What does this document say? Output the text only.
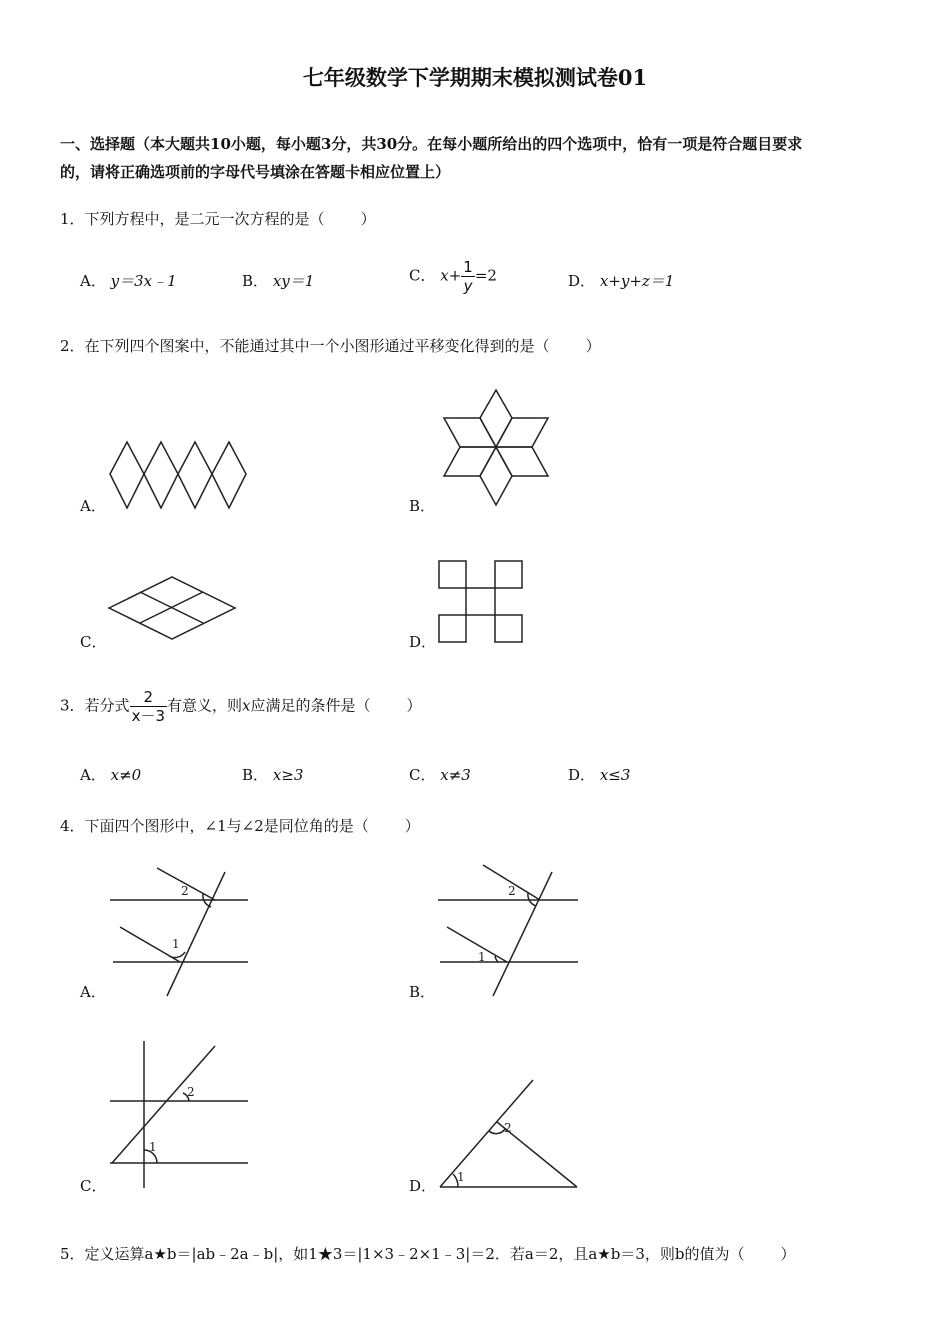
七年级数学下学期期末模拟测试卷01
一、选择题（本大题共10小题，每小题3分，共30分。在每小题所给出的四个选项中，恰有一项是符合题目要求
的，请将正确选项前的字母代号填涂在答题卡相应位置上）
1．下列方程中，是二元一次方程的是（ ）
A． y＝3x﹣1	B． xy＝1	C． $x+ \frac{1}{y} =2$	D． x+y+z＝1
2．在下列四个图案中，不能通过其中一个小图形通过平移变化得到的是（ ）
A．	B．
C．	D．
3．若分式 $\frac{2}{x-3}$ 有意义，则x应满足的条件是（ ）
A． x≠0	B． x≥3	C． x≠3	D． x≤3
4．下面四个图形中，∠1与∠2是同位角的是（ ）
2
1
A．
2
1
B．
2
1
C．	1
2
D．
5．定义运算a★b＝|ab﹣2a﹣b|，如1★3＝|1×3﹣2×1﹣3|＝2．若a＝2，且a★b＝3，则b的值为（ ）
